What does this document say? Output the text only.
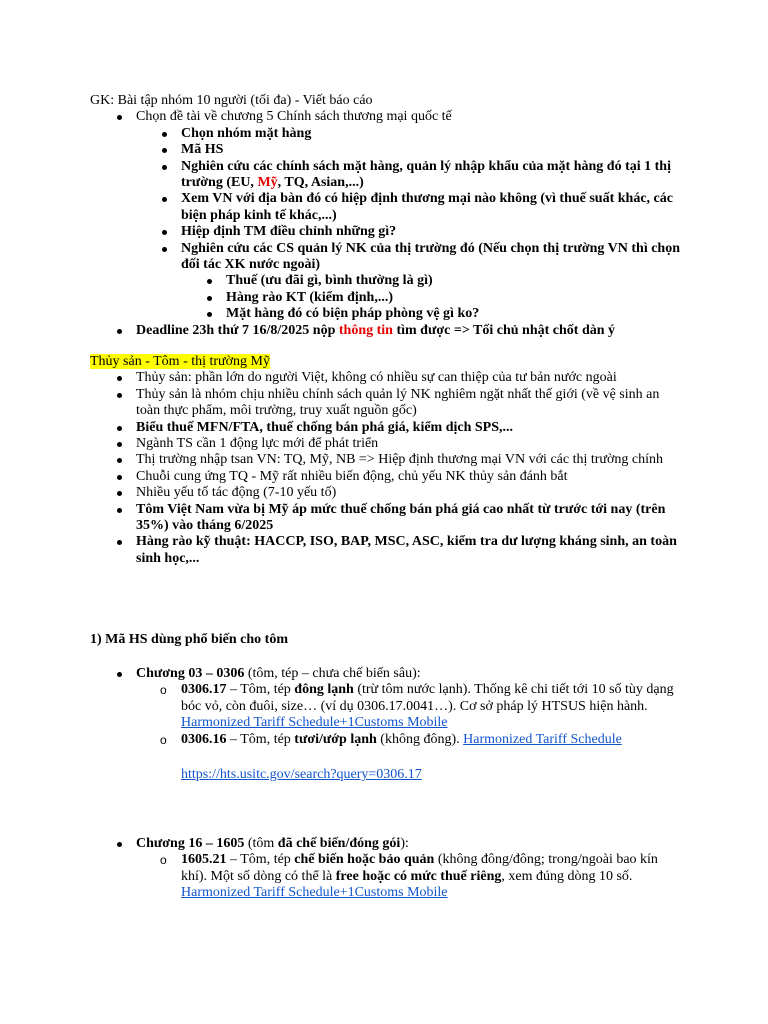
GK: Bài tập nhóm 10 người (tối đa) - Viết báo cáo

Chọn đề tài về chương 5 Chính sách thương mại quốc tế
Chọn nhóm mặt hàng
Mã HS
Nghiên cứu các chính sách mặt hàng, quản lý nhập khẩu của mặt hàng đó tại 1 thị trường (EU, Mỹ, TQ, Asian,...)
Xem VN với địa bàn đó có hiệp định thương mại nào không (vì thuế suất khác, các biện pháp kinh tế khác,...)
Hiệp định TM điều chỉnh những gì?
Nghiên cứu các CS quản lý NK của thị trường đó (Nếu chọn thị trường VN thì chọn đối tác XK nước ngoài)
Thuế (ưu đãi gì, bình thường là gì)
Hàng rào KT (kiểm định,...)
Mặt hàng đó có biện pháp phòng vệ gì ko?
Deadline 23h thứ 7 16/8/2025 nộp thông tin tìm được => Tối chủ nhật chốt dàn ý

Thủy sản - Tôm - thị trường Mỹ

Thủy sản: phần lớn do người Việt, không có nhiều sự can thiệp của tư bản nước ngoài
Thủy sản là nhóm chịu nhiều chính sách quản lý NK nghiêm ngặt nhất thế giới (về vệ sinh an toàn thực phẩm, môi trường, truy xuất nguồn gốc)
Biểu thuế MFN/FTA, thuế chống bán phá giá, kiểm dịch SPS,...
Ngành TS cần 1 động lực mới để phát triển
Thị trường nhập tsan VN: TQ, Mỹ, NB => Hiệp định thương mại VN với các thị trường chính
Chuỗi cung ứng TQ - Mỹ rất nhiều biến động, chủ yếu NK thủy sản đánh bắt
Nhiều yếu tố tác động (7-10 yếu tố)
Tôm Việt Nam vừa bị Mỹ áp mức thuế chống bán phá giá cao nhất từ trước tới nay (trên 35%) vào tháng 6/2025
Hàng rào kỹ thuật: HACCP, ISO, BAP, MSC, ASC, kiểm tra dư lượng kháng sinh, an toàn sinh học,...

1) Mã HS dùng phổ biến cho tôm

Chương 03 – 0306 (tôm, tép – chưa chế biến sâu):
o 0306.17 – Tôm, tép đông lạnh (trừ tôm nước lạnh). Thống kê chi tiết tới 10 số tùy dạng bóc vỏ, còn đuôi, size… (ví dụ 0306.17.0041…). Cơ sở pháp lý HTSUS hiện hành.
Harmonized Tariff Schedule+1Customs Mobile
o 0306.16 – Tôm, tép tươi/ướp lạnh (không đông). Harmonized Tariff Schedule

https://hts.usitc.gov/search?query=0306.17

Chương 16 – 1605 (tôm đã chế biến/đóng gói):
o 1605.21 – Tôm, tép chế biến hoặc bảo quản (không đông/đông; trong/ngoài bao kín khí). Một số dòng có thể là free hoặc có mức thuế riêng, xem đúng dòng 10 số.
Harmonized Tariff Schedule+1Customs Mobile
